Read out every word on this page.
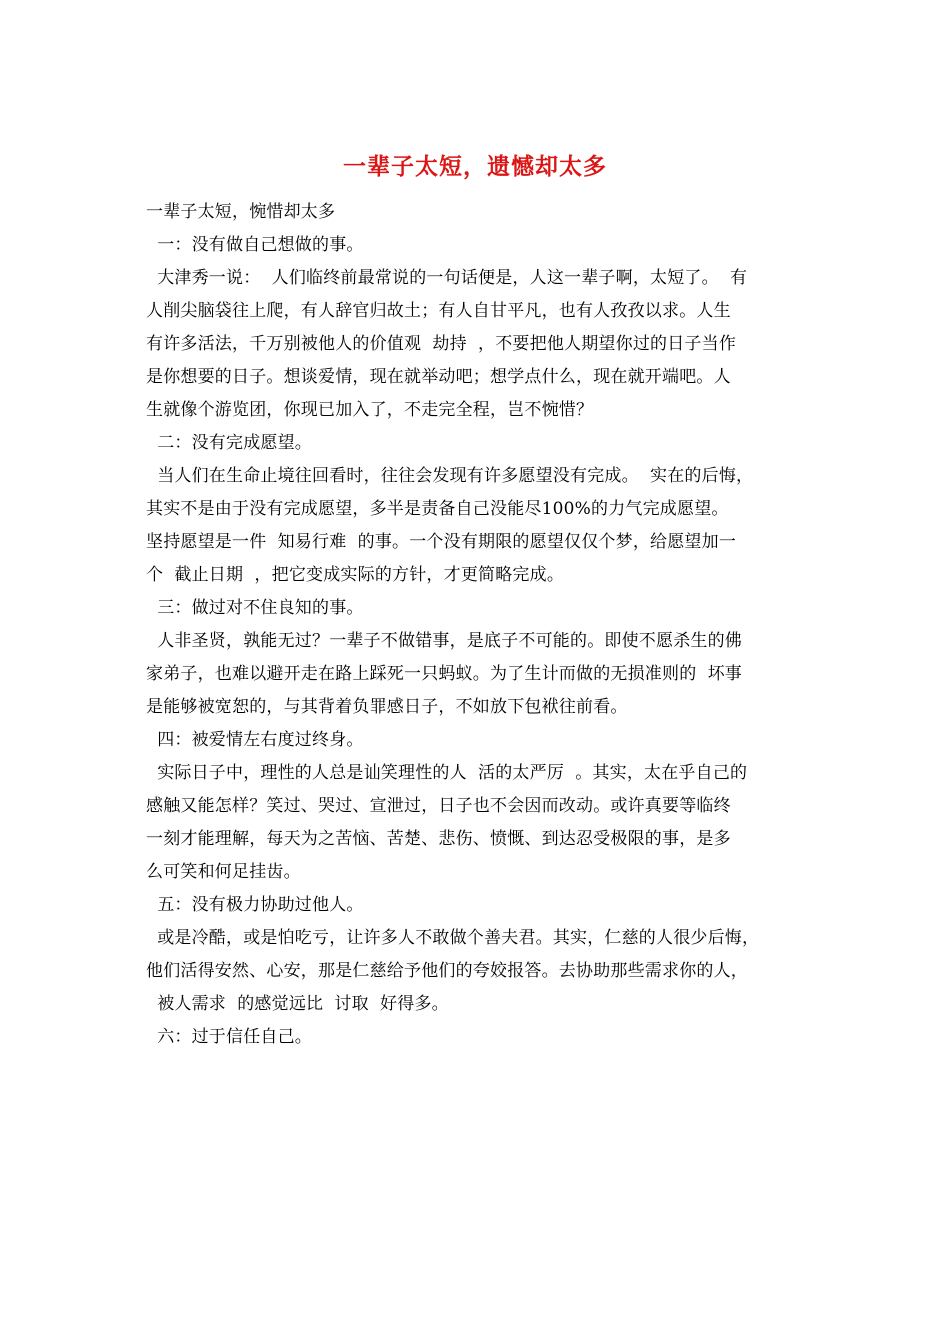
一辈子太短，遗憾却太多
一辈子太短，惋惜却太多
一：没有做自己想做的事。
大津秀一说：  人们临终前最常说的一句话便是，人这一辈子啊，太短了。  有
人削尖脑袋往上爬，有人辞官归故土；有人自甘平凡，也有人孜孜以求。人生
有许多活法，千万别被他人的价值观  劫持  ，不要把他人期望你过的日子当作
是你想要的日子。想谈爱情，现在就举动吧；想学点什么，现在就开端吧。人
生就像个游览团，你现已加入了，不走完全程，岂不惋惜？
二：没有完成愿望。
当人们在生命止境往回看时，往往会发现有许多愿望没有完成。  实在的后悔，
其实不是由于没有完成愿望，多半是责备自己没能尽100%的力气完成愿望。
坚持愿望是一件  知易行难  的事。一个没有期限的愿望仅仅个梦，给愿望加一
个  截止日期  ，把它变成实际的方针，才更简略完成。
三：做过对不住良知的事。
人非圣贤，孰能无过？一辈子不做错事，是底子不可能的。即使不愿杀生的佛
家弟子，也难以避开走在路上踩死一只蚂蚁。为了生计而做的无损准则的  坏事
是能够被宽恕的，与其背着负罪感日子，不如放下包袱往前看。
四：被爱情左右度过终身。
实际日子中，理性的人总是讪笑理性的人  活的太严厉  。其实，太在乎自己的
感触又能怎样？笑过、哭过、宣泄过，日子也不会因而改动。或许真要等临终
一刻才能理解，每天为之苦恼、苦楚、悲伤、愤慨、到达忍受极限的事，是多
么可笑和何足挂齿。
五：没有极力协助过他人。
或是冷酷，或是怕吃亏，让许多人不敢做个善夫君。其实，仁慈的人很少后悔，
他们活得安然、心安，那是仁慈给予他们的夸姣报答。去协助那些需求你的人，
被人需求  的感觉远比  讨取  好得多。
六：过于信任自己。
